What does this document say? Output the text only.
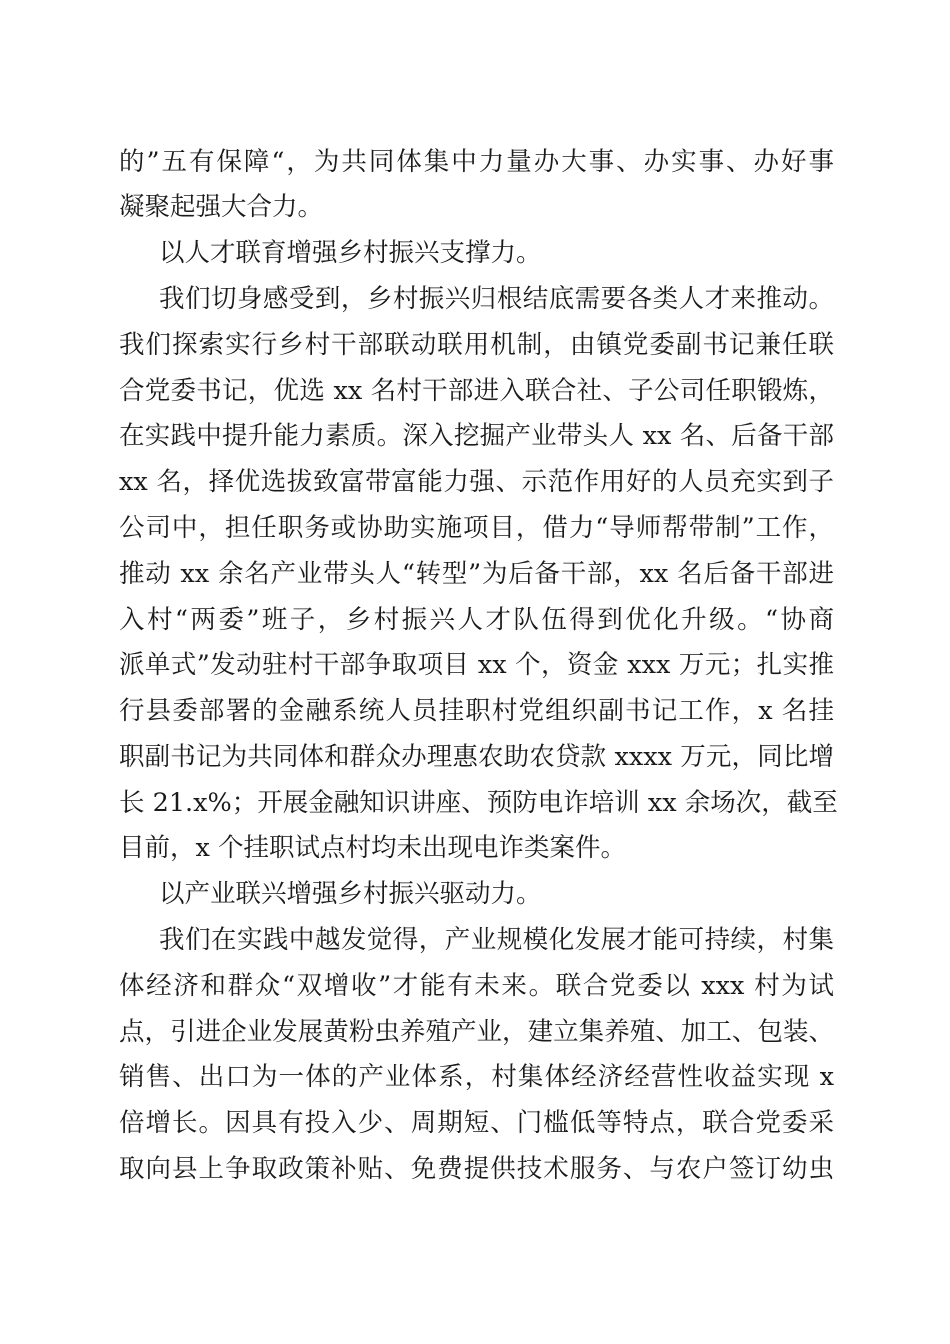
的”五有保障“，为共同体集中力量办大事、办实事、办好事
凝聚起强大合力。
以人才联育增强乡村振兴支撑力。
我们切身感受到，乡村振兴归根结底需要各类人才来推动。
我们探索实行乡村干部联动联用机制，由镇党委副书记兼任联
合党委书记，优选 xx 名村干部进入联合社、子公司任职锻炼，
在实践中提升能力素质。深入挖掘产业带头人 xx 名、后备干部
xx 名，择优选拔致富带富能力强、示范作用好的人员充实到子
公司中，担任职务或协助实施项目，借力“导师帮带制”工作，
推动 xx 余名产业带头人“转型”为后备干部，xx 名后备干部进
入村“两委”班子，乡村振兴人才队伍得到优化升级。“协商
派单式”发动驻村干部争取项目 xx 个，资金 xxx 万元；扎实推
行县委部署的金融系统人员挂职村党组织副书记工作，x 名挂
职副书记为共同体和群众办理惠农助农贷款 xxxx 万元，同比增
长 21.x%；开展金融知识讲座、预防电诈培训 xx 余场次，截至
目前，x 个挂职试点村均未出现电诈类案件。
以产业联兴增强乡村振兴驱动力。
我们在实践中越发觉得，产业规模化发展才能可持续，村集
体经济和群众“双增收”才能有未来。联合党委以 xxx 村为试
点，引进企业发展黄粉虫养殖产业，建立集养殖、加工、包装、
销售、出口为一体的产业体系，村集体经济经营性收益实现 x
倍增长。因具有投入少、周期短、门槛低等特点，联合党委采
取向县上争取政策补贴、免费提供技术服务、与农户签订幼虫
